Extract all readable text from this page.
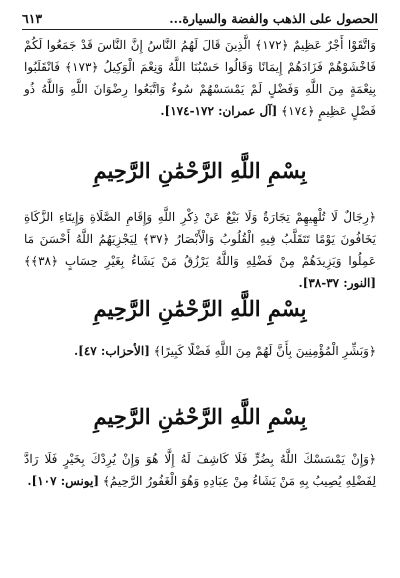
الحصول على الذهب والفضة والسيارة...
٦١٣

وَاتَّقَوْا أَجْرٌ عَظِيمٌ ﴿١٧٢﴾ الَّذِينَ قَالَ لَهُمُ النَّاسُ إِنَّ النَّاسَ قَدْ جَمَعُوا لَكُمْ فَاخْشَوْهُمْ فَزَادَهُمْ إِيمَانًا وَقَالُوا حَسْبُنَا اللَّهُ وَنِعْمَ الْوَكِيلُ ﴿١٧٣﴾ فَانْقَلَبُوا بِنِعْمَةٍ مِنَ اللَّهِ وَفَضْلٍ لَمْ يَمْسَسْهُمْ سُوءٌ وَاتَّبَعُوا رِضْوَانَ اللَّهِ وَاللَّهُ ذُو فَضْلٍ عَظِيمٍ ﴿١٧٤﴾ [آل عمران: ١٧٢-١٧٤].

بِسْمِ اللَّهِ الرَّحْمَٰنِ الرَّحِيمِ

﴿رِجَالٌ لَا تُلْهِيهِمْ تِجَارَةٌ وَلَا بَيْعٌ عَنْ ذِكْرِ اللَّهِ وَإِقَامِ الصَّلَاةِ وَإِيتَاءِ الزَّكَاةِ يَخَافُونَ يَوْمًا تَتَقَلَّبُ فِيهِ الْقُلُوبُ وَالْأَبْصَارُ ﴿٣٧﴾ لِيَجْزِيَهُمُ اللَّهُ أَحْسَنَ مَا عَمِلُوا وَيَزِيدَهُمْ مِنْ فَضْلِهِ وَاللَّهُ يَرْزُقُ مَنْ يَشَاءُ بِغَيْرِ حِسَابٍ ﴿٣٨﴾﴾ [النور: ٣٧-٣٨].

بِسْمِ اللَّهِ الرَّحْمَٰنِ الرَّحِيمِ

﴿وَبَشِّرِ الْمُؤْمِنِينَ بِأَنَّ لَهُمْ مِنَ اللَّهِ فَضْلًا كَبِيرًا﴾ [الأحزاب: ٤٧].

بِسْمِ اللَّهِ الرَّحْمَٰنِ الرَّحِيمِ

﴿وَإِنْ يَمْسَسْكَ اللَّهُ بِضُرٍّ فَلَا كَاشِفَ لَهُ إِلَّا هُوَ وَإِنْ يُرِدْكَ بِخَيْرٍ فَلَا رَادَّ لِفَضْلِهِ يُصِيبُ بِهِ مَنْ يَشَاءُ مِنْ عِبَادِهِ وَهُوَ الْغَفُورُ الرَّحِيمُ﴾ [يونس: ١٠٧].
